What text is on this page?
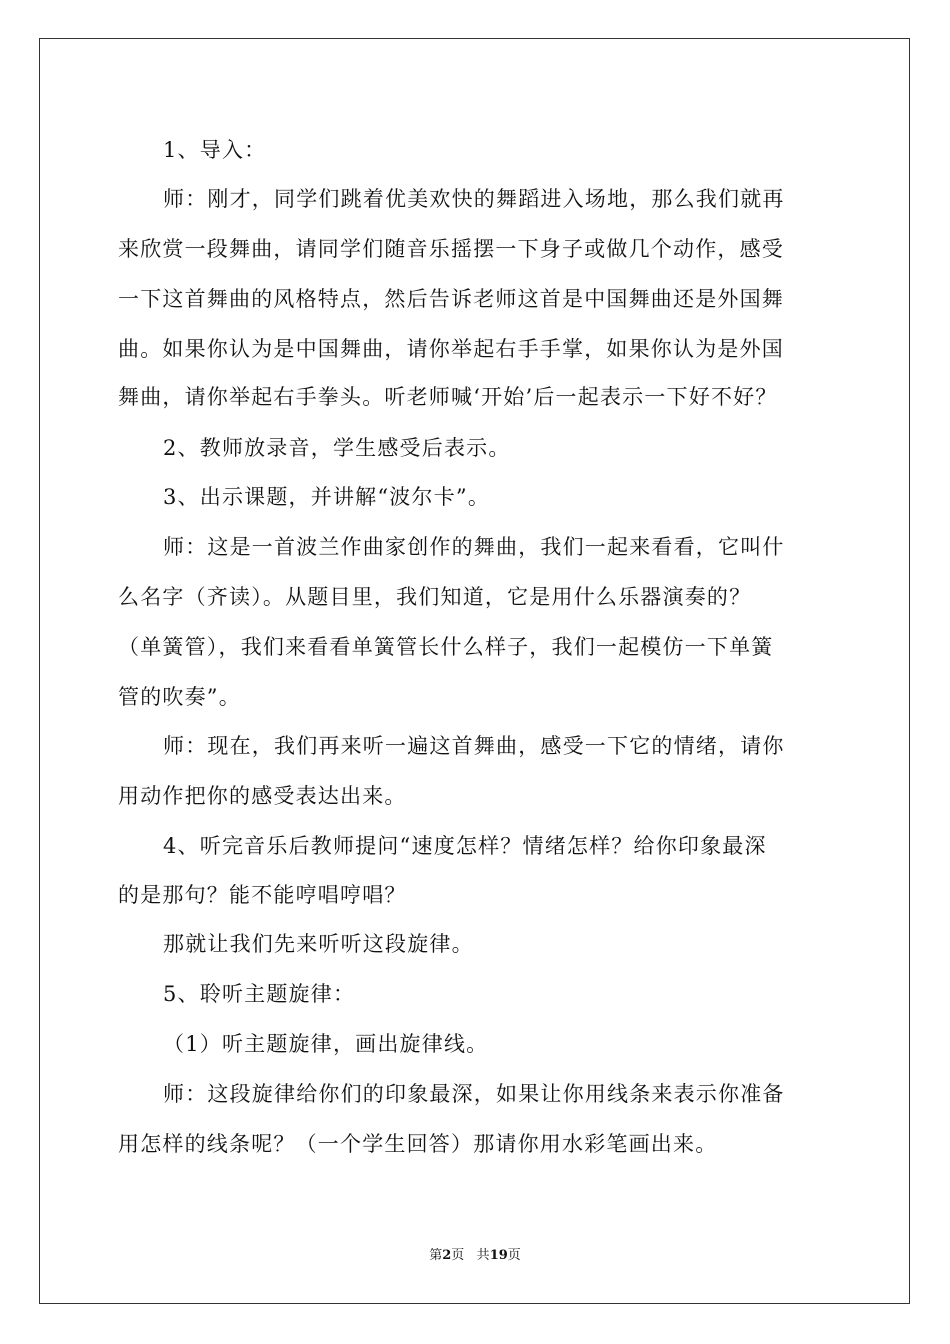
1、导入：
师：刚才，同学们跳着优美欢快的舞蹈进入场地，那么我们就再
来欣赏一段舞曲，请同学们随音乐摇摆一下身子或做几个动作，感受
一下这首舞曲的风格特点，然后告诉老师这首是中国舞曲还是外国舞
曲。如果你认为是中国舞曲，请你举起右手手掌，如果你认为是外国
舞曲，请你举起右手拳头。听老师喊‘开始’后一起表示一下好不好？
2、教师放录音，学生感受后表示。
3、出示课题，并讲解“波尔卡”。
师：这是一首波兰作曲家创作的舞曲，我们一起来看看，它叫什
么名字（齐读）。从题目里，我们知道，它是用什么乐器演奏的？
（单簧管），我们来看看单簧管长什么样子，我们一起模仿一下单簧
管的吹奏”。
师：现在，我们再来听一遍这首舞曲，感受一下它的情绪，请你
用动作把你的感受表达出来。
4、听完音乐后教师提问“速度怎样？情绪怎样？给你印象最深
的是那句？能不能哼唱哼唱？
那就让我们先来听听这段旋律。
5、聆听主题旋律：
（1）听主题旋律，画出旋律线。
师：这段旋律给你们的印象最深，如果让你用线条来表示你准备
用怎样的线条呢？（一个学生回答）那请你用水彩笔画出来。
第2页 共19页
